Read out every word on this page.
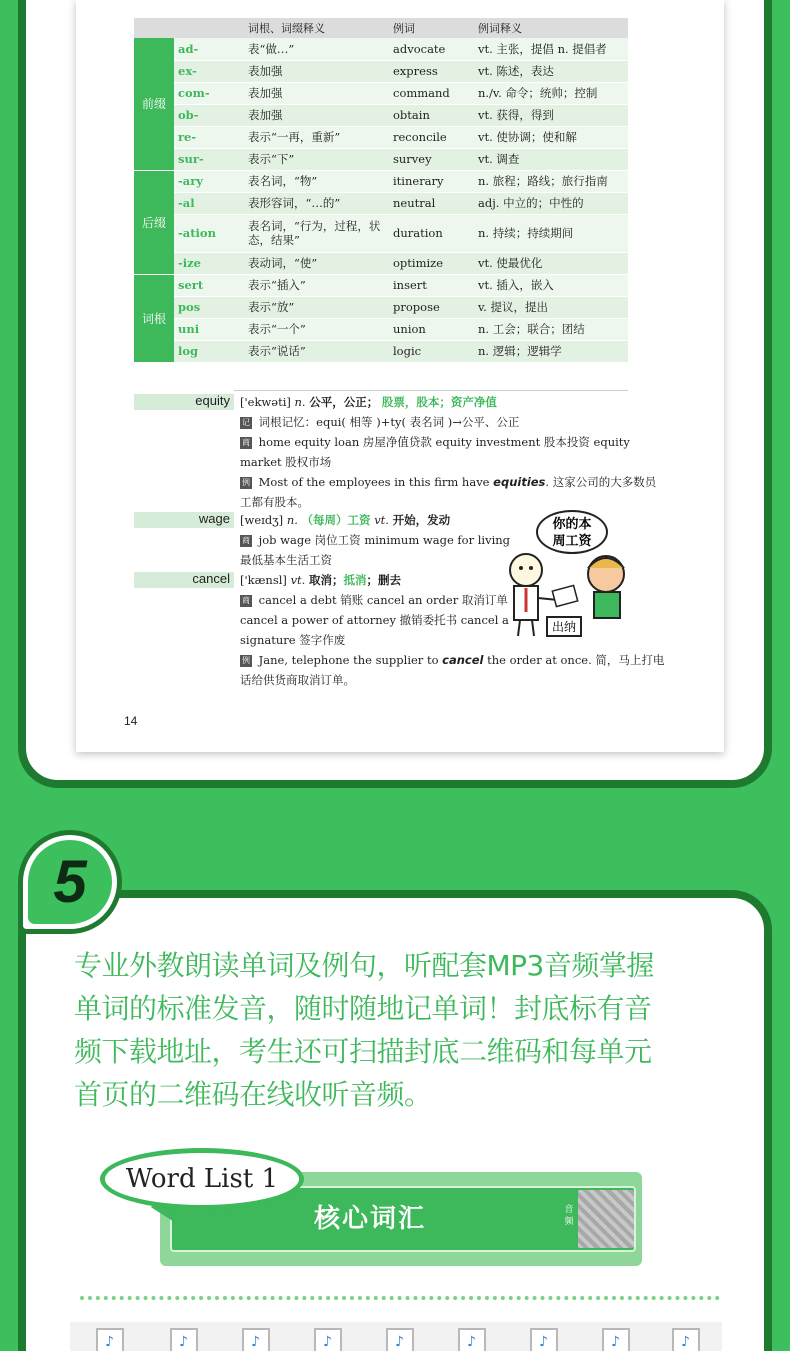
		词根、词缀释义	例词	例词释义
前缀	ad-	表“做…”	advocate	vt. 主张，提倡 n. 提倡者
	ex-	表加强	express	vt. 陈述，表达
	com-	表加强	command	n./v. 命令；统帅；控制
	ob-	表加强	obtain	vt. 获得，得到
	re-	表示“一再，重新”	reconcile	vt. 使协调；使和解
	sur-	表示“下”	survey	vt. 调查
后缀	-ary	表名词，“物”	itinerary	n. 旅程；路线；旅行指南
	-al	表形容词，“…的”	neutral	adj. 中立的；中性的
	-ation	表名词，“行为，过程，状态，结果”	duration	n. 持续；持续期间
	-ize	表动词，“使”	optimize	vt. 使最优化
词根	sert	表示“插入”	insert	vt. 插入，嵌入
	pos	表示“放”	propose	v. 提议，提出
	uni	表示“一个”	union	n. 工会；联合；团结
	log	表示“说话”	logic	n. 逻辑；逻辑学
equity ['ekwəti] n. 公平，公正； 股票，股本；资产净值
记 词根记忆：equi( 相等 )+ty( 表名词 )→公平、公正
商 home equity loan 房屋净值贷款 equity investment 股本投资 equity
market 股权市场
例 Most of the employees in this firm have equities. 这家公司的大多数员
工都有股本。
wage [weɪdʒ] n. （每周）工资 vt. 开始，发动
商 job wage 岗位工资 minimum wage for living
最低基本生活工资
cancel ['kænsl] vt. 取消；抵消；删去
商 cancel a debt 销账 cancel an order 取消订单
cancel a power of attorney 撤销委托书 cancel a
signature 签字作废
例 Jane, telephone the supplier to cancel the order at once. 简，马上打电
话给供货商取消订单。
你的本
周工资
出纳
14
5
专业外教朗读单词及例句，听配套MP3音频掌握
单词的标准发音，随时随地记单词！封底标有音
频下载地址，考生还可扫描封底二维码和每单元
首页的二维码在线收听音频。
核心词汇	音
频
Word List 1
♪
♪
♪
♪
♪
♪
♪
♪
♪
